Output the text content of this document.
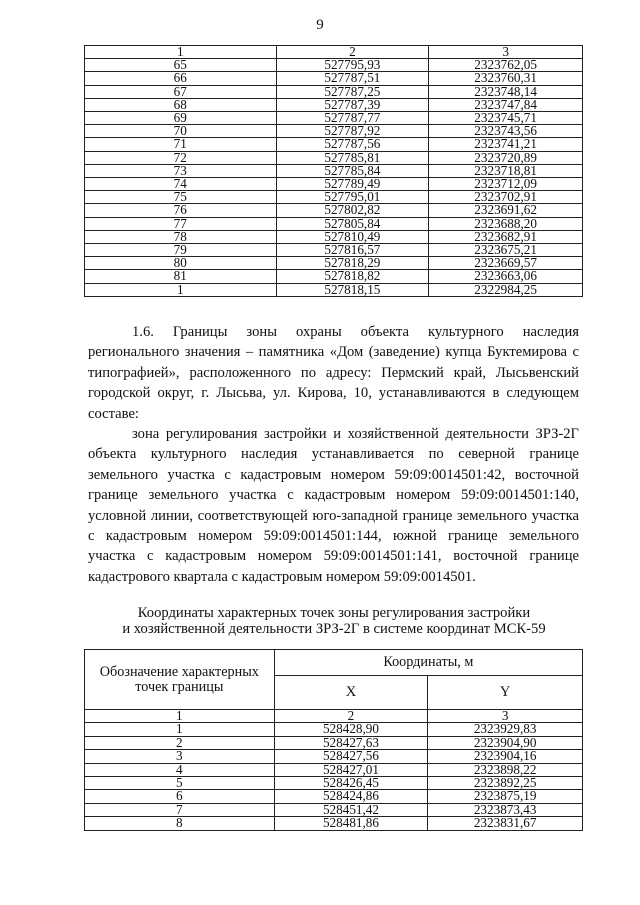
9
1	2	3
65	527795,93	2323762,05
66	527787,51	2323760,31
67	527787,25	2323748,14
68	527787,39	2323747,84
69	527787,77	2323745,71
70	527787,92	2323743,56
71	527787,56	2323741,21
72	527785,81	2323720,89
73	527785,84	2323718,81
74	527789,49	2323712,09
75	527795,01	2323702,91
76	527802,82	2323691,62
77	527805,84	2323688,20
78	527810,49	2323682,91
79	527816,57	2323675,21
80	527818,29	2323669,57
81	527818,82	2323663,06
1	527818,15	2322984,25

1.6. Границы зоны охраны объекта культурного наследия регионального значения – памятника «Дом (заведение) купца Буктемирова с типографией», расположенного по адресу: Пермский край, Лысьвенский городской округ, г. Лысьва, ул. Кирова, 10, устанавливаются в следующем составе:

зона регулирования застройки и хозяйственной деятельности ЗРЗ-2Г объекта культурного наследия устанавливается по северной границе земельного участка с кадастровым номером 59:09:0014501:42, восточной границе земельного участка с кадастровым номером 59:09:0014501:140, условной линии, соответствующей юго-западной границе земельного участка с кадастровым номером 59:09:0014501:144, южной границе земельного участка с кадастровым номером 59:09:0014501:141, восточной границе кадастрового квартала с кадастровым номером 59:09:0014501.

Координаты характерных точек зоны регулирования застройки
и хозяйственной деятельности ЗРЗ-2Г в системе координат МСК-59
Обозначение характерных
точек границы	Координаты, м	
	X	Y
1	2	3
1	528428,90	2323929,83
2	528427,63	2323904,90
3	528427,56	2323904,16
4	528427,01	2323898,22
5	528426,45	2323892,25
6	528424,86	2323875,19
7	528451,42	2323873,43
8	528481,86	2323831,67
